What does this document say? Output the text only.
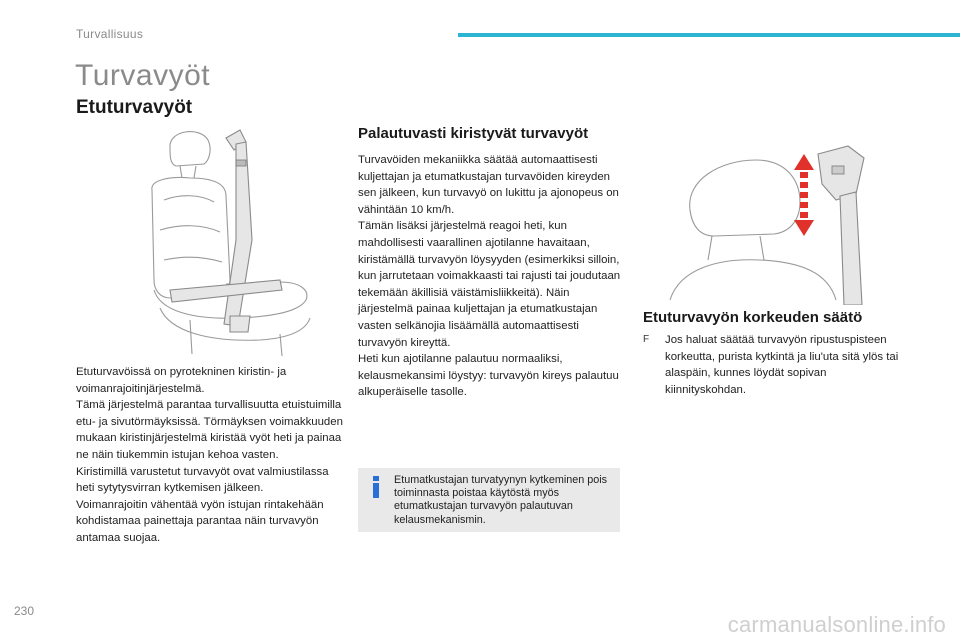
Turvallisuus
Turvavyöt
Etuturvavyöt
Etuturvavöissä on pyrotekninen kiristin- ja voimanrajoitinjärjestelmä.
Tämä järjestelmä parantaa turvallisuutta etuistuimilla etu- ja sivutörmäyksissä. Törmäyksen voimakkuuden mukaan kiristinjärjestelmä kiristää vyöt heti ja painaa ne näin tiukemmin istujan kehoa vasten.
Kiristimillä varustetut turvavyöt ovat valmiustilassa heti sytytysvirran kytkemisen jälkeen.
Voimanrajoitin vähentää vyön istujan rintakehään kohdistamaa painettaja parantaa näin turvavyön antamaa suojaa.
Palautuvasti kiristyvät turvavyöt
Turvavöiden mekaniikka säätää automaattisesti kuljettajan ja etumatkustajan turvavöiden kireyden sen jälkeen, kun turvavyö on lukittu ja ajonopeus on vähintään 10 km/h.
Tämän lisäksi järjestelmä reagoi heti, kun mahdollisesti vaarallinen ajotilanne havaitaan, kiristämällä turvavyön löysyyden (esimerkiksi silloin, kun jarrutetaan voimakkaasti tai rajusti tai joudutaan tekemään äkillisiä väistämisliikkeitä). Näin järjestelmä painaa kuljettajan ja etumatkustajan vasten selkänojia lisäämällä automaattisesti turvavyön kireyttä.
Heti kun ajotilanne palautuu normaaliksi, kelausmekansimi löystyy: turvavyön kireys palautuu alkuperäiselle tasolle.
Etumatkustajan turvatyynyn kytkeminen pois toiminnasta poistaa käytöstä myös etumatkustajan turvavyön palautuvan kelausmekanismin.
Etuturvavyön korkeuden säätö
F Jos haluat säätää turvavyön ripustuspisteen korkeutta, purista kytkintä ja liu'uta sitä ylös tai alaspäin, kunnes löydät sopivan kiinnityskohdan.
230
carmanualsonline.info
